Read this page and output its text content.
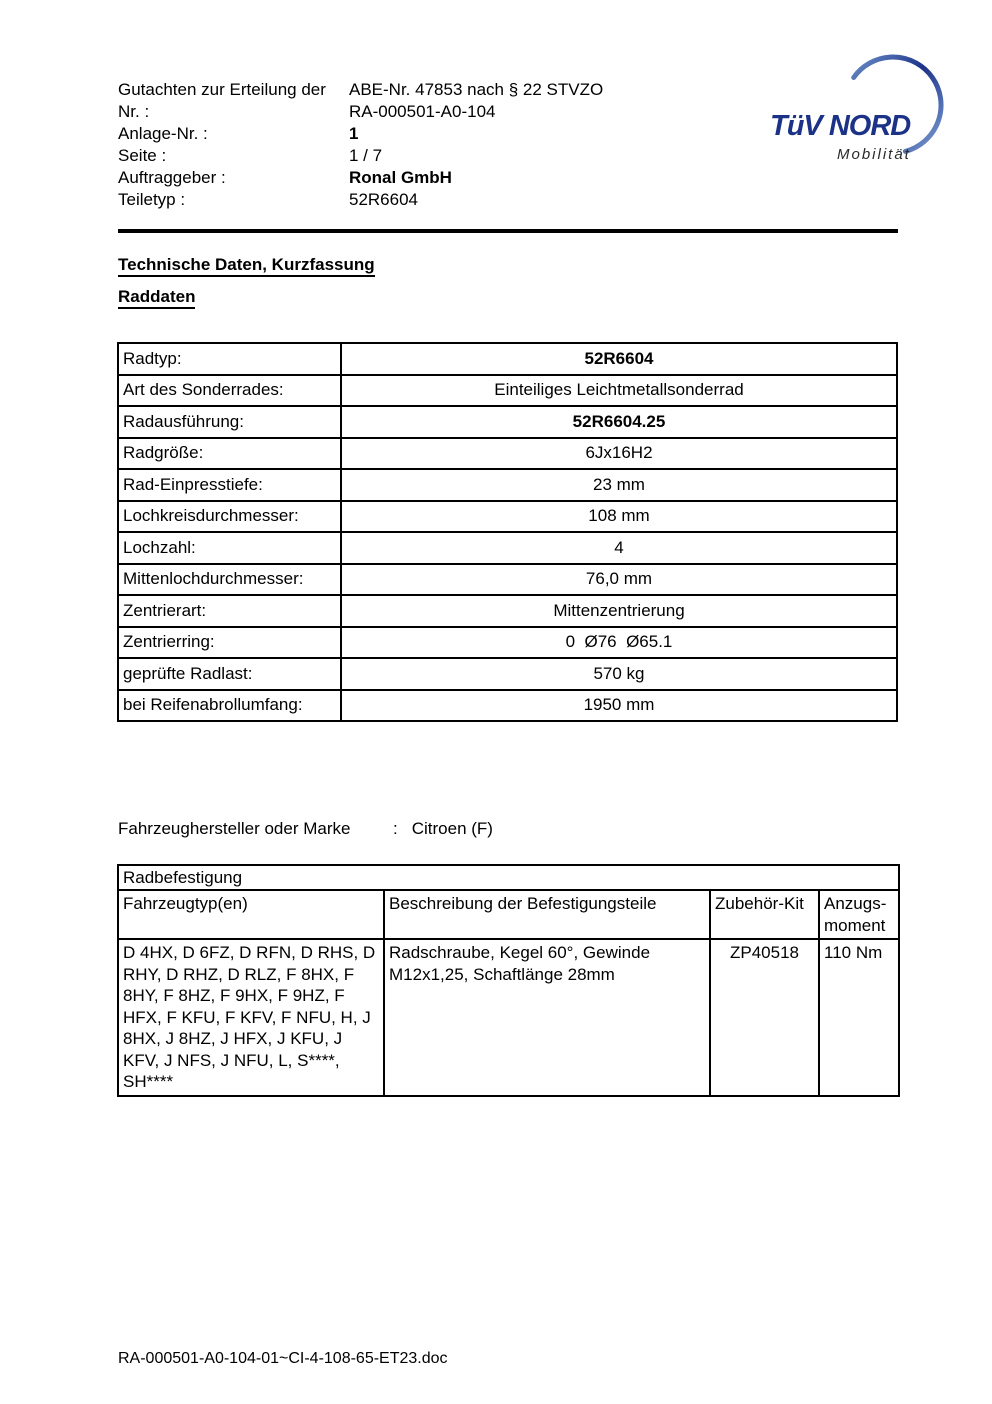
Gutachten zur Erteilung der	ABE-Nr. 47853 nach § 22 STVZO
Nr. :	RA-000501-A0-104
Anlage-Nr. :	1
Seite :	1 / 7
Auftraggeber :	Ronal GmbH
Teiletyp :	52R6604
TüV NORD
Mobilität
Technische Daten, Kurzfassung
Raddaten
Radtyp:	52R6604
Art des Sonderrades:	Einteiliges Leichtmetallsonderrad
Radausführung:	52R6604.25
Radgröße:	6Jx16H2
Rad-Einpresstiefe:	23 mm
Lochkreisdurchmesser:	108 mm
Lochzahl:	4
Mittenlochdurchmesser:	76,0 mm
Zentrierart:	Mittenzentrierung
Zentrierring:	0  Ø76  Ø65.1
geprüfte Radlast:	570 kg
bei Reifenabrollumfang:	1950 mm
Fahrzeughersteller oder Marke	: Citroen (F)
Radbefestigung			
Fahrzeugtyp(en)	Beschreibung der Befestigungsteile	Zubehör-Kit	Anzugs-moment
D 4HX, D 6FZ, D RFN, D RHS, D RHY, D RHZ, D RLZ, F 8HX, F 8HY, F 8HZ, F 9HX, F 9HZ, F HFX, F KFU, F KFV, F NFU, H, J 8HX, J 8HZ, J HFX, J KFU, J KFV, J NFS, J NFU, L, S****, SH****	Radschraube, Kegel 60°, Gewinde M12x1,25, Schaftlänge 28mm	ZP40518	110 Nm
RA-000501-A0-104-01~CI-4-108-65-ET23.doc
